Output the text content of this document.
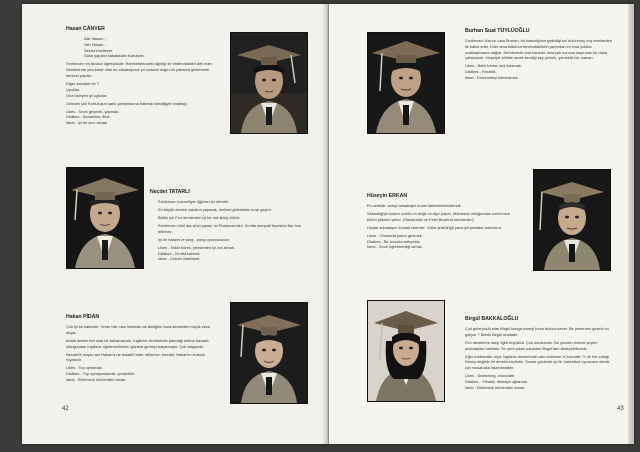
Hasan CANVER

Altlı Hasan...
Vah Hasan...
Sesini incelterek
Sana yapılan sakalardan kurtulsan.

Sınıfımızın en tanısız öğrencisidir. Hareketlerindeki ağırlığı ile etrafındakileri deli eder. Derslerinde orta karar olan bu arkadaşımız yıl sonuna doğru bir patlama göstererek herkesi şaşırtır.

Diğer sanatlar ne ?
Uyuklar.
Ona özleyen iyi uykular.

Gelecek yıllı Kurtuluşun şarkı yarışmasına bakmak istediğiyle bıraktığı.

Likes - Sınıfı geçmek, yapmak.
Dislikes - Şımarıklık, fitne.
Ideal - İyi bir avcı olmak.

Necdet TATARLI

Sınıfımızın kuvvetliyle öğünen bir efendir.

En büyük zevkini sakalını yaparak, herkesi gülmekten kırar geçirir.

Bütün yılı Fen derslerden iyi bir not aldığı bilinir.

Sınıfımızın ünlü ata sözü yazarı ve Picassosu'dur. Sınıfta sempati tepesine ilse öve bitirmez.

İyi bir basket ve ping - pong oyuncusudur.

Likes - Tatlar börek, yemlerden iyi not almak.
Dislikes - Sınıfta kalmak.
Ideal - Cerrah olabilmek.

Hakan PİDAN

Çok iyi bir kalecidir. Yerde bile olsa herkesin ak dediğine kara demekten büyük zevk duyar.

Ahlâk derslerinin usta bir tartışmacıdır. İngilizce derslerinde parmağı dolma havada olduğundan İngilizce öğretmenlerinin gözüne girmeyi başarmıştır. Çok atılgandır.

Necdet'in koşan am Hakan'a ne tesadüf eder, bilinmez; Necdet, Hakan'ın korkulu rüyasıdır.

Likes - Top oynamak.
Dislikes - Top oynayamamak, şımarıklık.
Ideal - Elektronik mühendisi olmak.

42
Burhan Suat TÜYLÜOĞLU

Sınıfımızın Hacı'sı olan Burhan, bu hastalığının getirdiği sol bulunmuş hoş erenlerden ile kabul eder. Eder ama bakanın etrafındakilerin yanından en kısa yoldan uzaklaşmasını sağlar. Derslerinde orta karardır ama işin sonunu kaçırmaz bir daha çalışkandır. Hepsiyle birlikte ameli sevdiği şey yemek, yemektir her zaman.

Likes - Balık tutma, kuş avlamak.
Dislikes - Fesatlık.
Ideal - Üniversiteyi bitirebilmek.

Hüseyin ERKAN

En cefakâr, ansiyi arkadaşlık kuran talebelerimizdendir.

Sessizliğiyle bazen sınıfta mı değil mi diye şaşılır. Mümessil olduğundan sınıfımızın bütün yükünü çeker. (Sabahattin ve Fethi Beylerin tavırlarıdır!)

Hoşlar arkadaşını kırmak istemez. Güler yüzlülüğü yavruya pekadar hazırlanır.

Likes - Ormanda yalnız gezmek.
Dislikes - Bir konuda tartışmak.
Ideal - Sınıfı öğretmenliği olmak.

Birgül BAKKALOĞLU

Çok güleryüzlü olan Birgül konga elmeyi bırsa buluca sever. Bir yerlerden gezinti mi geliyor ? Bilinki Birgül oradadır.

Fen derslerine karşı ilgisi büyüktür. Çok unutkandır. Bu yüzden önemli şeyleri arkadaşları hatırlatır. En yeni çıkan parçaları Birgül'den dinleyebilirsiniz.

Eğer matematik veya İngilizce derslerinde cam süslerse «Crocodile ?» ile her çıktığı Demiy değildir bir dersini sövledin. Sunlar gözlerde iyi bir basketbol oyuncusu olmak için musabaka hazırlamaktır.

Likes - Swimming, chocolate.
Dislikes - Yılbalık, rittmaya uğramak.
Ideal - Elektronik mühendisi olmak.

43
